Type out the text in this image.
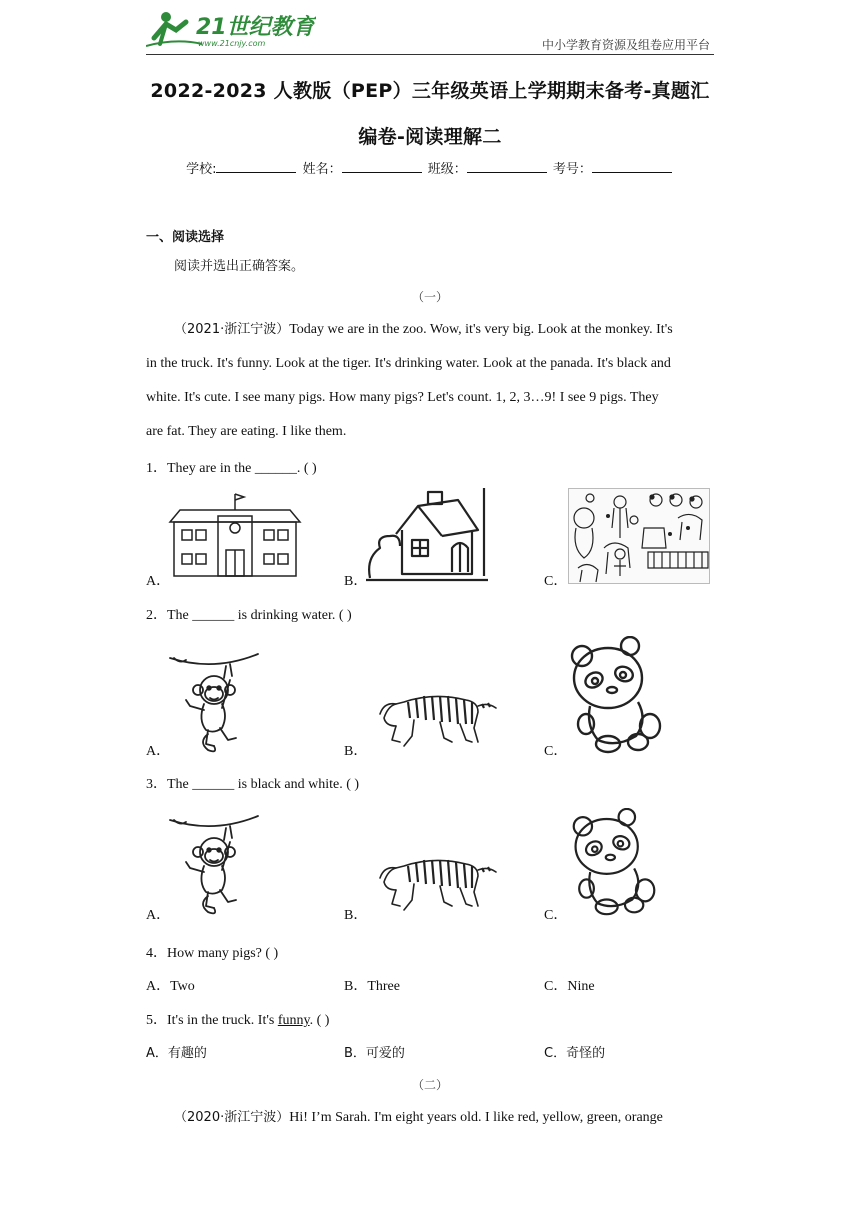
21世纪教育
www.21cnjy.com	中小学教育资源及组卷应用平台
2022-2023 人教版（PEP）三年级英语上学期期末备考-真题汇
编卷-阅读理解二
学校:	姓名：	班级：	考号：
一、阅读选择
阅读并选出正确答案。
（一）
（2021·浙江宁波）Today we are in the zoo. Wow, it's very big. Look at the monkey. It's
in the truck. It's funny. Look at the tiger. It's drinking water. Look at the panada. It's black and
white. It's cute. I see many pigs. How many pigs? Let's count. 1, 2, 3…9! I see 9 pigs. They
are fat. They are eating. I like them.
1．They are in the ______. ( )
A．	B．	C．
2．The ______ is drinking water. ( )
A．	B．	C．
3．The ______ is black and white. ( )
A．	B．	C．
4．How many pigs? ( )
A．Two	B．Three	C．Nine
5．It's in the truck. It's funny. ( )
A．有趣的	B．可爱的	C．奇怪的
（二）
（2020·浙江宁波）Hi! I’m Sarah. I'm eight years old. I like red, yellow, green, orange
